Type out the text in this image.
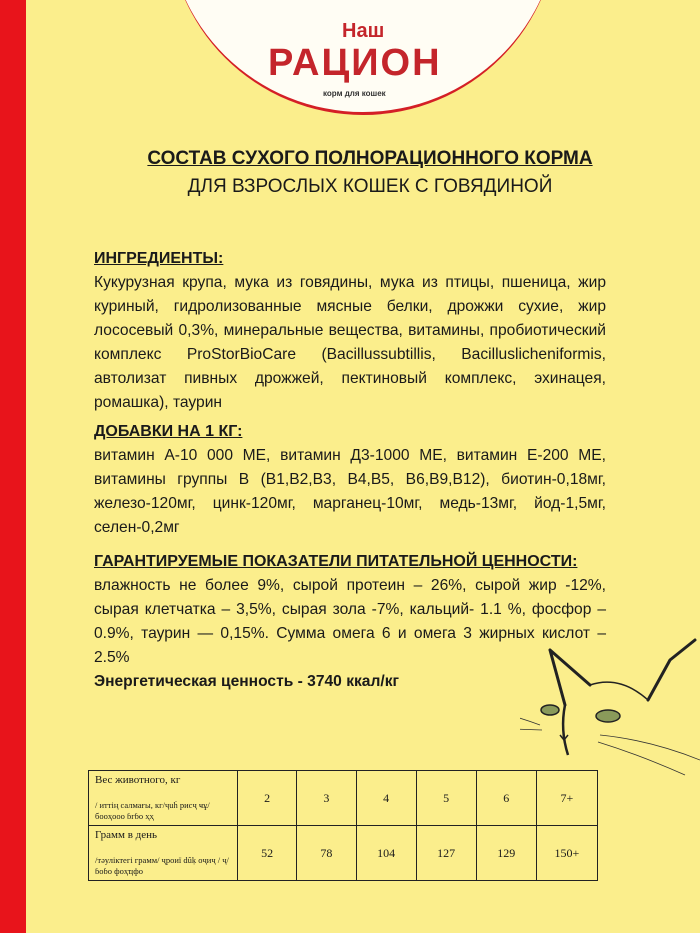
Наш
РАЦИОН
корм для кошек
СОСТАВ СУХОГО ПОЛНОРАЦИОННОГО КОРМА
ДЛЯ ВЗРОСЛЫХ КОШЕК С ГОВЯДИНОЙ
ИНГРЕДИЕНТЫ:
Кукурузная крупа, мука из говядины, мука из птицы, пшеница, жир куриный, гидролизованные мясные белки, дрожжи сухие, жир лососевый 0,3%, минеральные вещества, витамины, пробиотический комплекс ProStorBioCare (Bacillussubtillis, Bacilluslicheniformis, автолизат пивных дрожжей, пектиновый комплекс, эхинацея, ромашка), таурин
ДОБАВКИ НА 1 КГ:
витамин А-10 000 МЕ, витамин Д3-1000 МЕ, витамин Е-200 МЕ, витамины группы В (В1,В2,В3, В4,В5, В6,В9,В12), биотин-0,18мг, железо-120мг, цинк-120мг, марганец-10мг, медь-13мг, йод-1,5мг, селен-0,2мг
ГАРАНТИРУЕМЫЕ ПОКАЗАТЕЛИ ПИТАТЕЛЬНОЙ ЦЕННОСТИ:
влажность не более 9%, сырой протеин – 26%, сырой жир -12%, сырая клетчатка – 3,5%, сырая зола -7%, кальций- 1.1 %, фосфор – 0.9%, таурин — 0,15%. Сумма омега 6 и омега 3 жирных кислот – 2.5%
Энергетическая ценность - 3740 ккал/кг
Вес животного, кг
/ иттің салмағы, кг/ҷuḣ рисҷ ҹұ/бооҳооо ɓгɓо ҳҳ	2	3	4	5	6	7+

Грамм в день
/тәуліктегі грамм/ ҷроиї dûḳ оҷиҷ / ҷ/ɓоɓо фоҳҵфо	52	78	104	127	129	150+
